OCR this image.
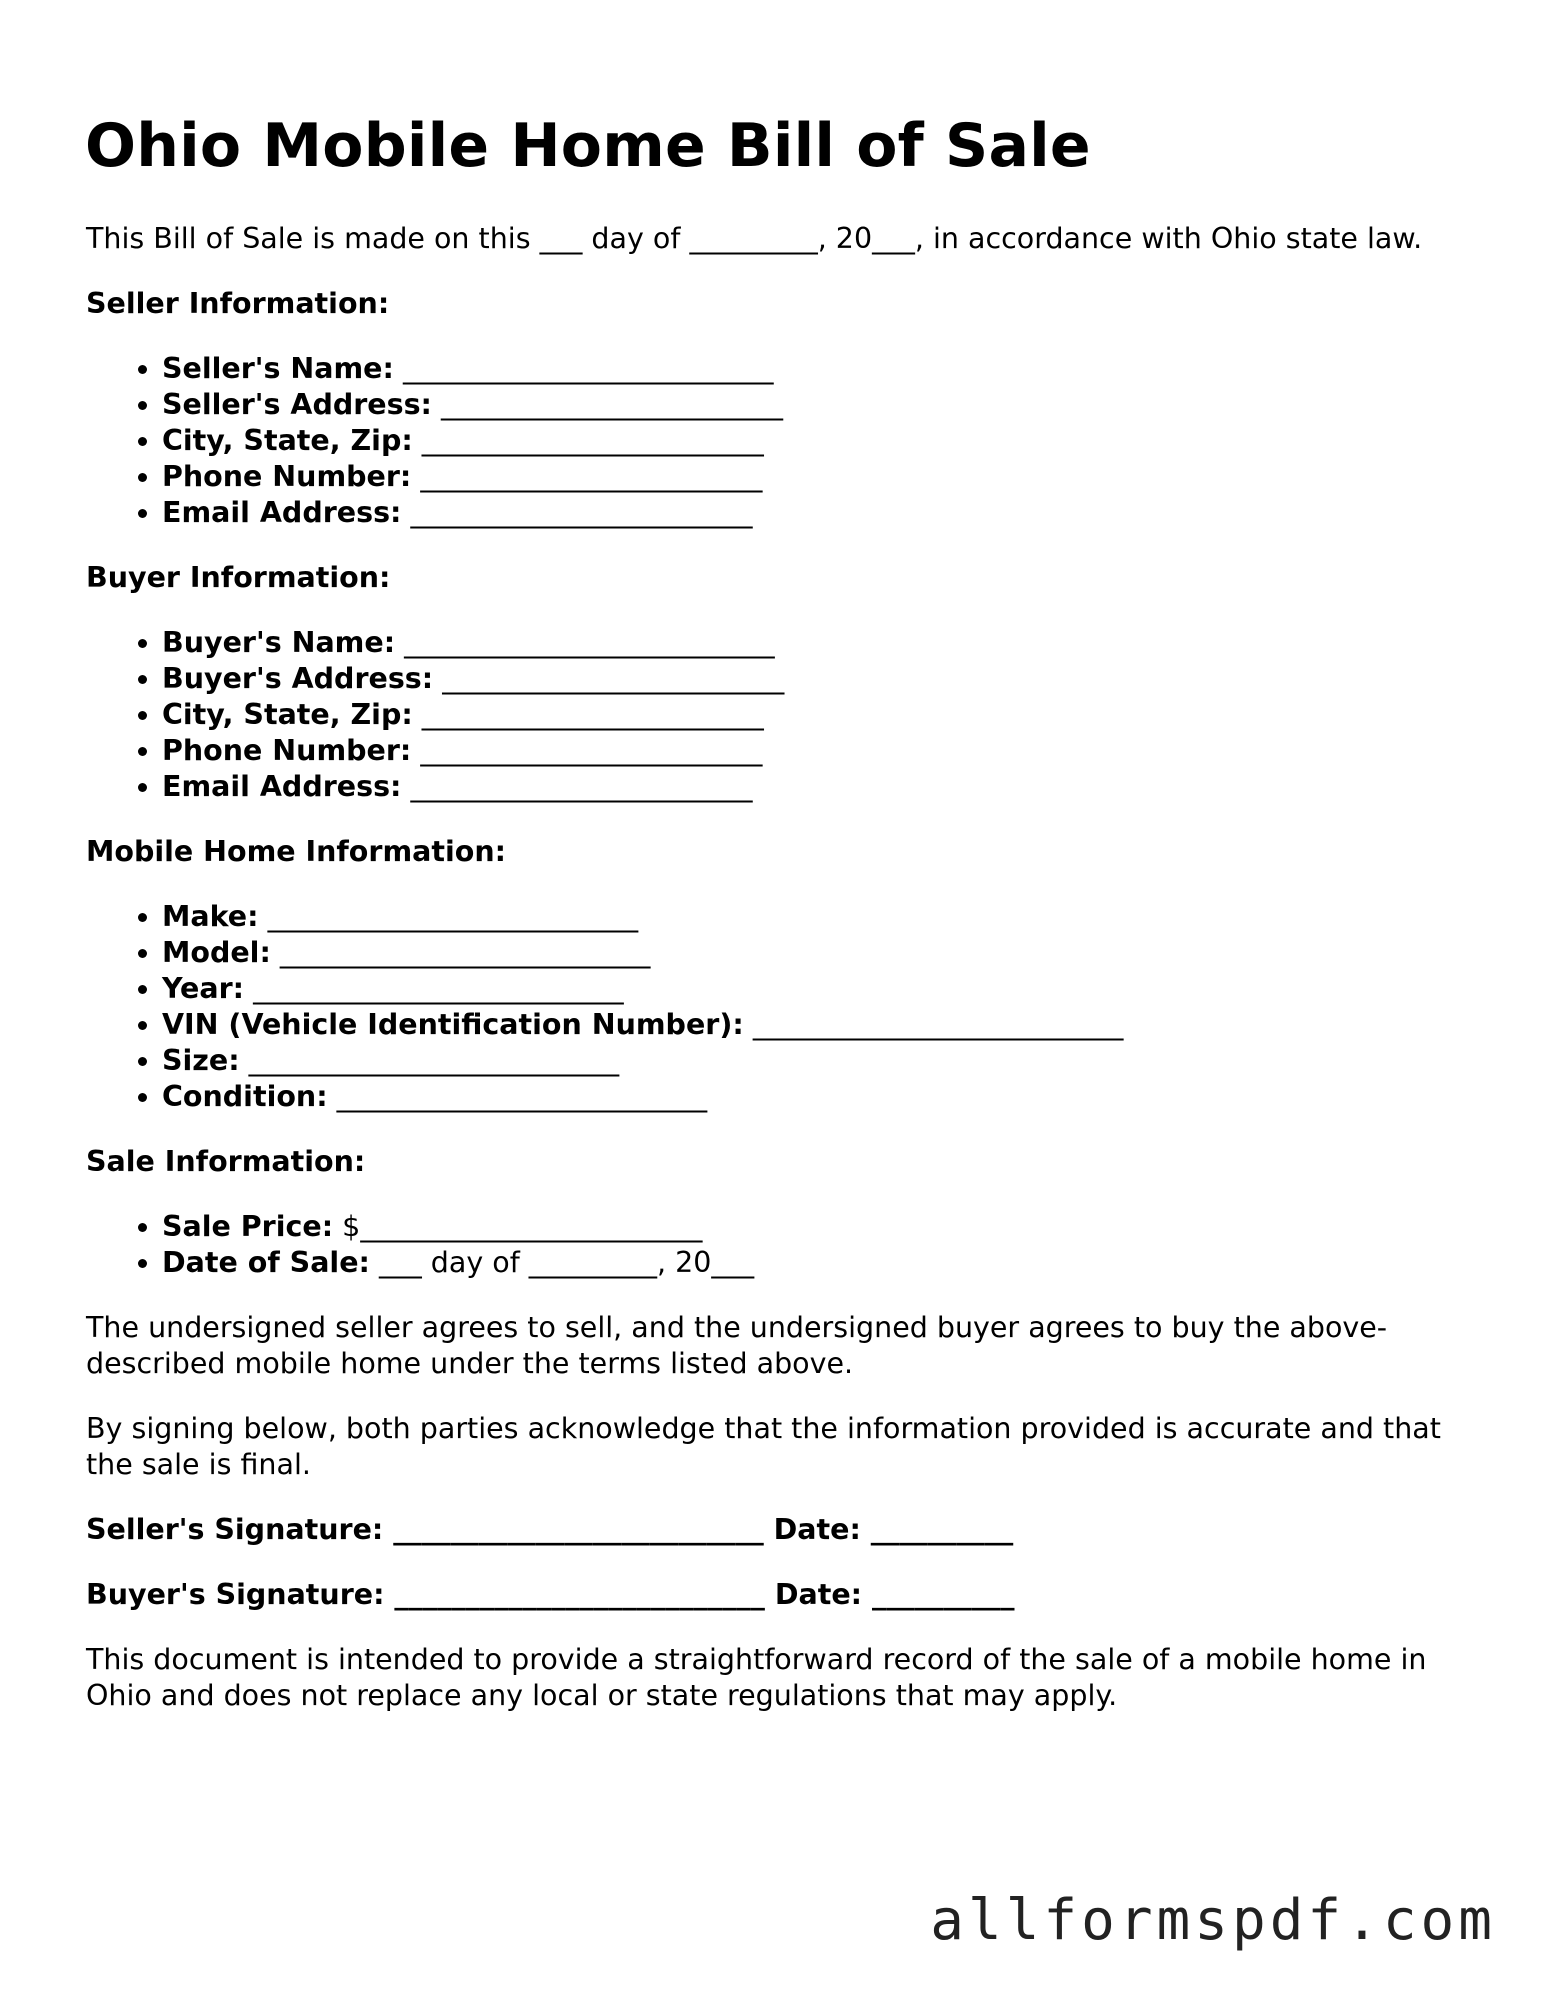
Ohio Mobile Home Bill of Sale

This Bill of Sale is made on this ___ day of _________, 20___, in accordance with Ohio state law.

Seller Information:

• Seller's Name: __________________________
• Seller's Address: ________________________
• City, State, Zip: ________________________
• Phone Number: ________________________
• Email Address: ________________________

Buyer Information:

• Buyer's Name: __________________________
• Buyer's Address: ________________________
• City, State, Zip: ________________________
• Phone Number: ________________________
• Email Address: ________________________

Mobile Home Information:

• Make: __________________________
• Model: __________________________
• Year: __________________________
• VIN (Vehicle Identification Number): __________________________
• Size: __________________________
• Condition: __________________________

Sale Information:

• Sale Price: $________________________
• Date of Sale: ___ day of _________, 20___

The undersigned seller agrees to sell, and the undersigned buyer agrees to buy the above-described mobile home under the terms listed above.

By signing below, both parties acknowledge that the information provided is accurate and that the sale is final.

Seller's Signature: __________________________ Date: __________

Buyer's Signature: __________________________ Date: __________

This document is intended to provide a straightforward record of the sale of a mobile home in Ohio and does not replace any local or state regulations that may apply.

allformspdf.com
